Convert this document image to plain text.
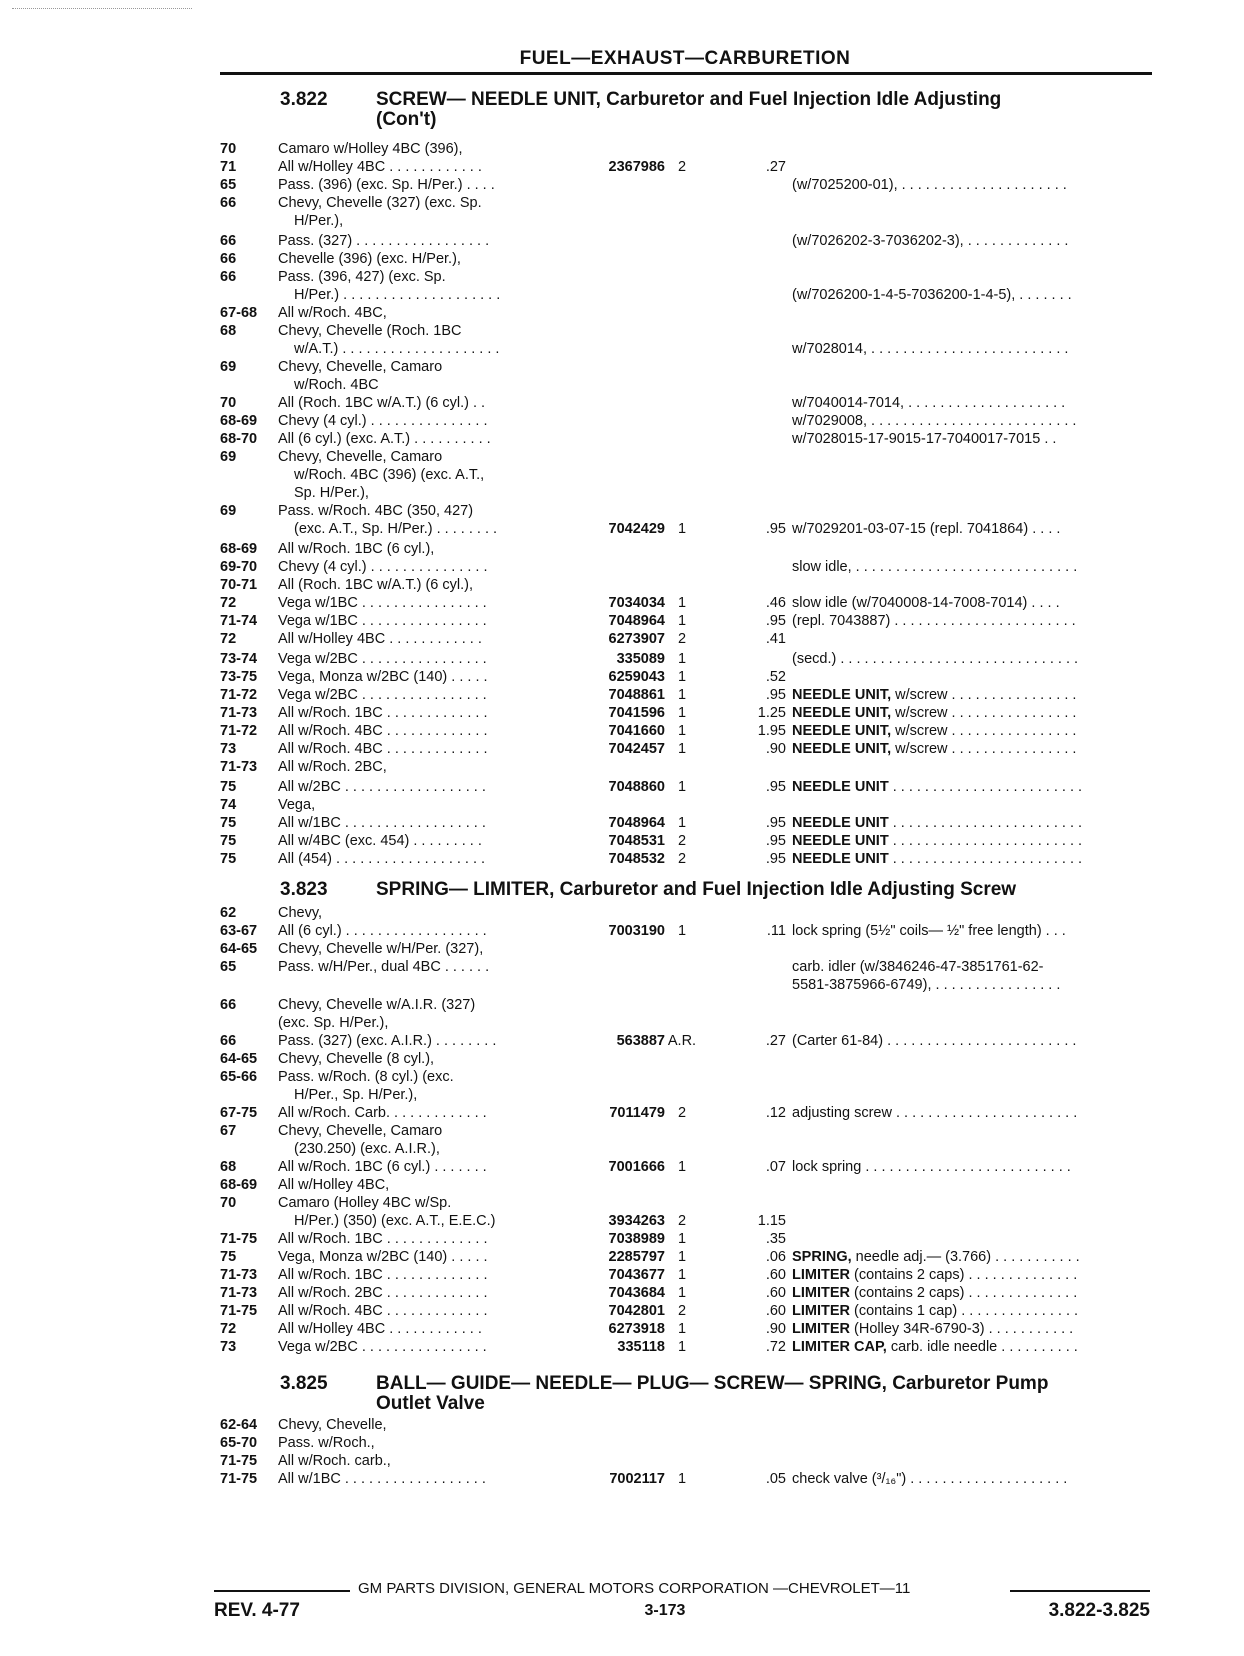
FUEL—EXHAUST—CARBURETION
3.822	SCREW— NEEDLE UNIT, Carburetor and Fuel Injection Idle Adjusting
(Con't)
3.823	SPRING— LIMITER, Carburetor and Fuel Injection Idle Adjusting Screw
3.825	BALL— GUIDE— NEEDLE— PLUG— SCREW— SPRING, Carburetor Pump
Outlet Valve
70	Camaro w/Holley 4BC (396),
71	All w/Holley 4BC . . . . . . . . . . . .	2367986 2	.27
65	Pass. (396) (exc. Sp. H/Per.) . . . .	(w/7025200-01), . . . . . . . . . . . . . . . . . . . . .
66	Chevy, Chevelle (327) (exc. Sp.
H/Per.),
66	Pass. (327) . . . . . . . . . . . . . . . . .	(w/7026202-3-7036202-3), . . . . . . . . . . . . .
66	Chevelle (396) (exc. H/Per.),
66	Pass. (396, 427) (exc. Sp.
H/Per.) . . . . . . . . . . . . . . . . . . . .	(w/7026200-1-4-5-7036200-1-4-5), . . . . . . .
67-68	All w/Roch. 4BC,
68	Chevy, Chevelle (Roch. 1BC
w/A.T.) . . . . . . . . . . . . . . . . . . . .	w/7028014, . . . . . . . . . . . . . . . . . . . . . . . . .
69	Chevy, Chevelle, Camaro
w/Roch. 4BC
70	All (Roch. 1BC w/A.T.) (6 cyl.) . .	w/7040014-7014, . . . . . . . . . . . . . . . . . . . .
68-69	Chevy (4 cyl.) . . . . . . . . . . . . . . .	w/7029008, . . . . . . . . . . . . . . . . . . . . . . . . . .
68-70	All (6 cyl.) (exc. A.T.) . . . . . . . . . .	w/7028015-17-9015-17-7040017-7015 . .
69	Chevy, Chevelle, Camaro
w/Roch. 4BC (396) (exc. A.T.,
Sp. H/Per.),
69	Pass. w/Roch. 4BC (350, 427)
(exc. A.T., Sp. H/Per.) . . . . . . . .	7042429 1	.95 w/7029201-03-07-15 (repl. 7041864) . . . .
68-69	All w/Roch. 1BC (6 cyl.),
69-70	Chevy (4 cyl.) . . . . . . . . . . . . . . .	slow idle, . . . . . . . . . . . . . . . . . . . . . . . . . . . .
70-71	All (Roch. 1BC w/A.T.) (6 cyl.),
72	Vega w/1BC . . . . . . . . . . . . . . . .	7034034 1	.46 slow idle (w/7040008-14-7008-7014) . . . .
71-74	Vega w/1BC . . . . . . . . . . . . . . . .	7048964 1	.95 (repl. 7043887) . . . . . . . . . . . . . . . . . . . . . . .
72	All w/Holley 4BC . . . . . . . . . . . .	6273907 2	.41
73-74	Vega w/2BC . . . . . . . . . . . . . . . .	335089 1	(secd.) . . . . . . . . . . . . . . . . . . . . . . . . . . . . . .
73-75	Vega, Monza w/2BC (140) . . . . .	6259043 1	.52
71-72	Vega w/2BC . . . . . . . . . . . . . . . .	7048861 1	.95 NEEDLE UNIT, w/screw . . . . . . . . . . . . . . . .
71-73	All w/Roch. 1BC . . . . . . . . . . . . .	7041596 1	1.25 NEEDLE UNIT, w/screw . . . . . . . . . . . . . . . .
71-72	All w/Roch. 4BC . . . . . . . . . . . . .	7041660 1	1.95 NEEDLE UNIT, w/screw . . . . . . . . . . . . . . . .
73	All w/Roch. 4BC . . . . . . . . . . . . .	7042457 1	.90 NEEDLE UNIT, w/screw . . . . . . . . . . . . . . . .
71-73	All w/Roch. 2BC,
75	All w/2BC . . . . . . . . . . . . . . . . . .	7048860 1	.95 NEEDLE UNIT . . . . . . . . . . . . . . . . . . . . . . . .
74	Vega,
75	All w/1BC . . . . . . . . . . . . . . . . . .	7048964 1	.95 NEEDLE UNIT . . . . . . . . . . . . . . . . . . . . . . . .
75	All w/4BC (exc. 454) . . . . . . . . .	7048531 2	.95 NEEDLE UNIT . . . . . . . . . . . . . . . . . . . . . . . .
75	All (454) . . . . . . . . . . . . . . . . . . .	7048532 2	.95 NEEDLE UNIT . . . . . . . . . . . . . . . . . . . . . . . .
62	Chevy,
63-67	All (6 cyl.) . . . . . . . . . . . . . . . . . .	7003190 1	.11 lock spring (5½" coils— ½" free length) . . .
64-65	Chevy, Chevelle w/H/Per. (327),
65	Pass. w/H/Per., dual 4BC . . . . . .	carb. idler (w/3846246-47-3851761-62-
5581-3875966-6749), . . . . . . . . . . . . . . . .
66	Chevy, Chevelle w/A.I.R. (327)
(exc. Sp. H/Per.),
66	Pass. (327) (exc. A.I.R.) . . . . . . . .	563887 A.R.	.27 (Carter 61-84) . . . . . . . . . . . . . . . . . . . . . . . .
64-65	Chevy, Chevelle (8 cyl.),
65-66	Pass. w/Roch. (8 cyl.) (exc.
H/Per., Sp. H/Per.),
67-75	All w/Roch. Carb. . . . . . . . . . . . .	7011479 2	.12 adjusting screw . . . . . . . . . . . . . . . . . . . . . . .
67	Chevy, Chevelle, Camaro
(230.250) (exc. A.I.R.),
68	All w/Roch. 1BC (6 cyl.) . . . . . . .	7001666 1	.07 lock spring . . . . . . . . . . . . . . . . . . . . . . . . . .
68-69	All w/Holley 4BC,
70	Camaro (Holley 4BC w/Sp.
H/Per.) (350) (exc. A.T., E.E.C.)	3934263 2	1.15
71-75	All w/Roch. 1BC . . . . . . . . . . . . .	7038989 1	.35
75	Vega, Monza w/2BC (140) . . . . .	2285797 1	.06 SPRING, needle adj.— (3.766) . . . . . . . . . . .
71-73	All w/Roch. 1BC . . . . . . . . . . . . .	7043677 1	.60 LIMITER (contains 2 caps) . . . . . . . . . . . . . .
71-73	All w/Roch. 2BC . . . . . . . . . . . . .	7043684 1	.60 LIMITER (contains 2 caps) . . . . . . . . . . . . . .
71-75	All w/Roch. 4BC . . . . . . . . . . . . .	7042801 2	.60 LIMITER (contains 1 cap) . . . . . . . . . . . . . . .
72	All w/Holley 4BC . . . . . . . . . . . .	6273918 1	.90 LIMITER (Holley 34R-6790-3) . . . . . . . . . . .
73	Vega w/2BC . . . . . . . . . . . . . . . .	335118 1	.72 LIMITER CAP, carb. idle needle . . . . . . . . . .
62-64	Chevy, Chevelle,
65-70	Pass. w/Roch.,
71-75	All w/Roch. carb.,
71-75	All w/1BC . . . . . . . . . . . . . . . . . .	7002117 1	.05 check valve (³/₁₆") . . . . . . . . . . . . . . . . . . . .
GM PARTS DIVISION, GENERAL MOTORS CORPORATION —CHEVROLET—11
REV. 4-77	3-173	3.822-3.825
